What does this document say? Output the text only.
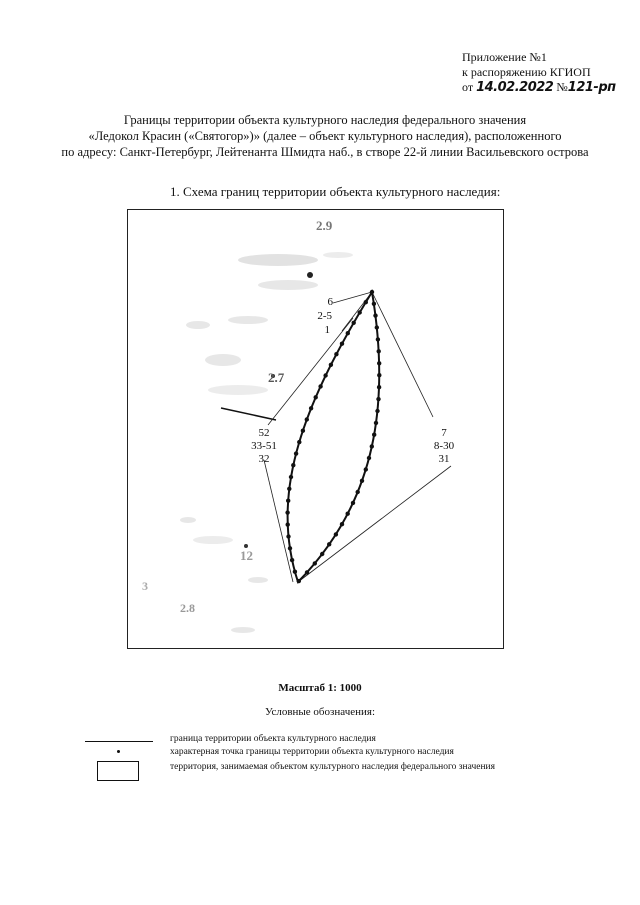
Приложение №1
к распоряжению КГИОП
от 14.02.2022 №121-рп
Границы территории объекта культурного наследия федерального значения
«Ледокол Красин («Святогор»)» (далее – объект культурного наследия), расположенного
по адресу: Санкт-Петербург, Лейтенанта Шмидта наб., в створе 22-й линии Васильевского острова
1. Схема границ территории объекта культурного наследия:
2.9
2.7
12
2.8
3
6
2-5
1
52
33-51
32
7
8-30
31
Масштаб 1: 1000
Условные обозначения:
граница территории объекта культурного наследия
характерная точка границы территории объекта культурного наследия
территория, занимаемая объектом культурного наследия федерального значения
